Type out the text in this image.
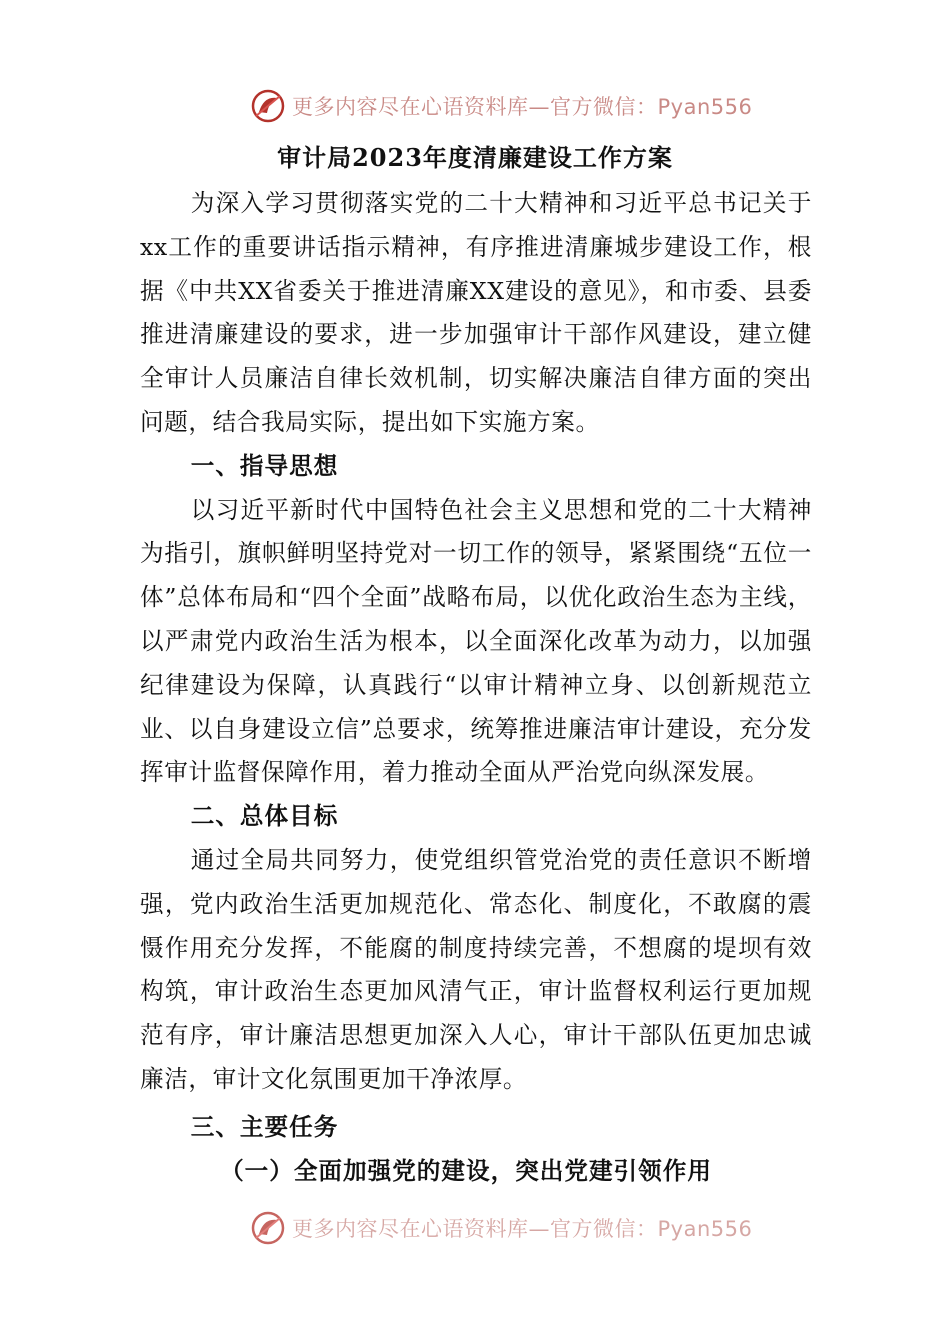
更多内容尽在心语资料库—官方微信：Pyan556
审计局2023年度清廉建设工作方案

为深入学习贯彻落实党的二十大精神和习近平总书记关于xx工作的重要讲话指示精神，有序推进清廉城步建设工作，根据《中共XX省委关于推进清廉XX建设的意见》，和市委、县委推进清廉建设的要求，进一步加强审计干部作风建设，建立健全审计人员廉洁自律长效机制，切实解决廉洁自律方面的突出问题，结合我局实际，提出如下实施方案。

一、指导思想

以习近平新时代中国特色社会主义思想和党的二十大精神为指引，旗帜鲜明坚持党对一切工作的领导，紧紧围绕“五位一体”总体布局和“四个全面”战略布局，以优化政治生态为主线，以严肃党内政治生活为根本，以全面深化改革为动力，以加强纪律建设为保障，认真践行“以审计精神立身、以创新规范立业、以自身建设立信”总要求，统筹推进廉洁审计建设，充分发挥审计监督保障作用，着力推动全面从严治党向纵深发展。

二、总体目标

通过全局共同努力，使党组织管党治党的责任意识不断增强，党内政治生活更加规范化、常态化、制度化，不敢腐的震慑作用充分发挥，不能腐的制度持续完善，不想腐的堤坝有效构筑，审计政治生态更加风清气正，审计监督权利运行更加规范有序，审计廉洁思想更加深入人心，审计干部队伍更加忠诚廉洁，审计文化氛围更加干净浓厚。

三、主要任务

（一）全面加强党的建设，突出党建引领作用

更多内容尽在心语资料库—官方微信：Pyan556
